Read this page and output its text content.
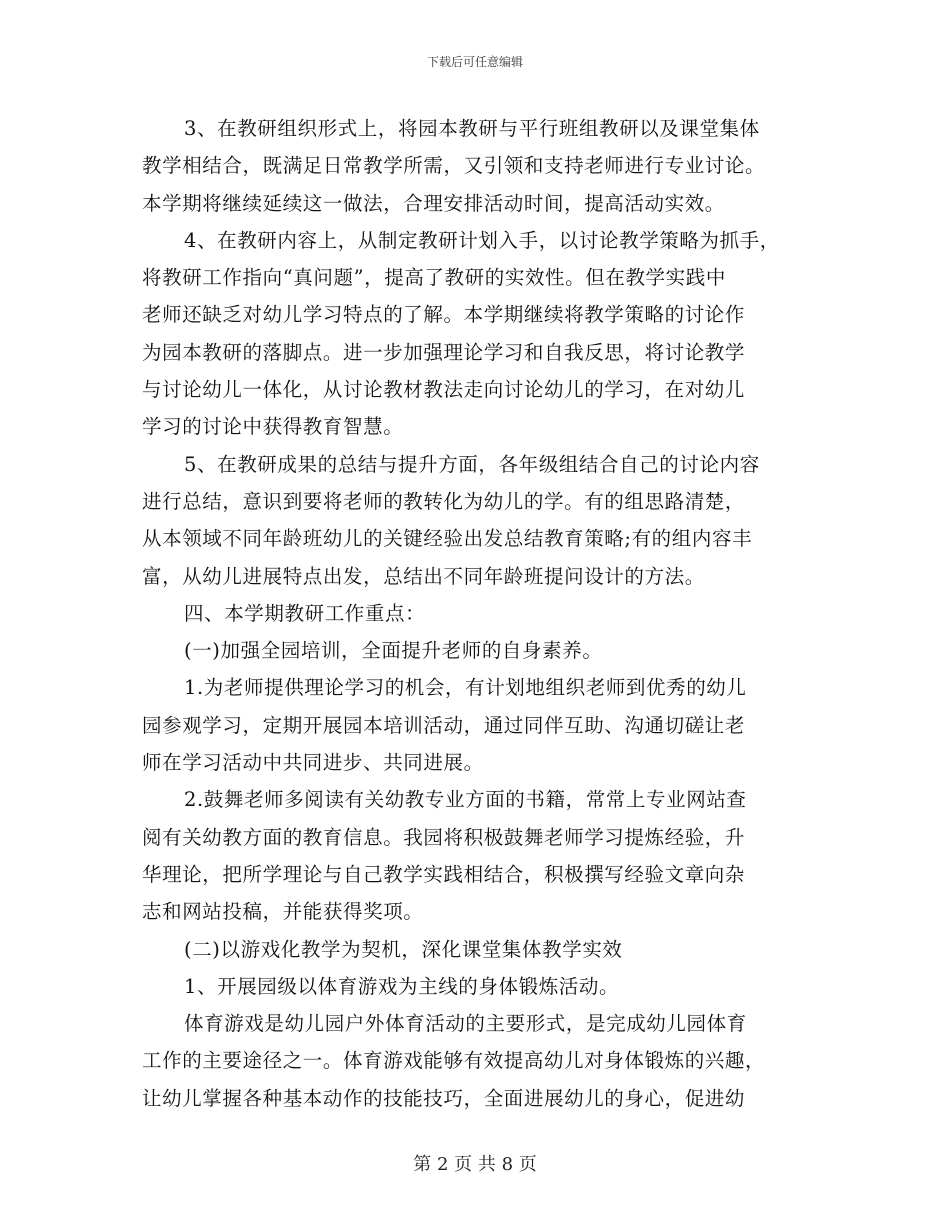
下载后可任意编辑
3、在教研组织形式上，将园本教研与平行班组教研以及课堂集体
教学相结合，既满足日常教学所需，又引领和支持老师进行专业讨论。
本学期将继续延续这一做法，合理安排活动时间，提高活动实效。
4、在教研内容上，从制定教研计划入手，以讨论教学策略为抓手，
将教研工作指向“真问题”，提高了教研的实效性。但在教学实践中
老师还缺乏对幼儿学习特点的了解。本学期继续将教学策略的讨论作
为园本教研的落脚点。进一步加强理论学习和自我反思，将讨论教学
与讨论幼儿一体化，从讨论教材教法走向讨论幼儿的学习，在对幼儿
学习的讨论中获得教育智慧。
5、在教研成果的总结与提升方面，各年级组结合自己的讨论内容
进行总结，意识到要将老师的教转化为幼儿的学。有的组思路清楚，
从本领域不同年龄班幼儿的关键经验出发总结教育策略;有的组内容丰
富，从幼儿进展特点出发，总结出不同年龄班提问设计的方法。
四、本学期教研工作重点：
(一)加强全园培训，全面提升老师的自身素养。
1.为老师提供理论学习的机会，有计划地组织老师到优秀的幼儿
园参观学习，定期开展园本培训活动，通过同伴互助、沟通切磋让老
师在学习活动中共同进步、共同进展。
2.鼓舞老师多阅读有关幼教专业方面的书籍，常常上专业网站查
阅有关幼教方面的教育信息。我园将积极鼓舞老师学习提炼经验，升
华理论，把所学理论与自己教学实践相结合，积极撰写经验文章向杂
志和网站投稿，并能获得奖项。
(二)以游戏化教学为契机，深化课堂集体教学实效
1、开展园级以体育游戏为主线的身体锻炼活动。
体育游戏是幼儿园户外体育活动的主要形式，是完成幼儿园体育
工作的主要途径之一。体育游戏能够有效提高幼儿对身体锻炼的兴趣，
让幼儿掌握各种基本动作的技能技巧，全面进展幼儿的身心，促进幼
第 2 页 共 8 页
